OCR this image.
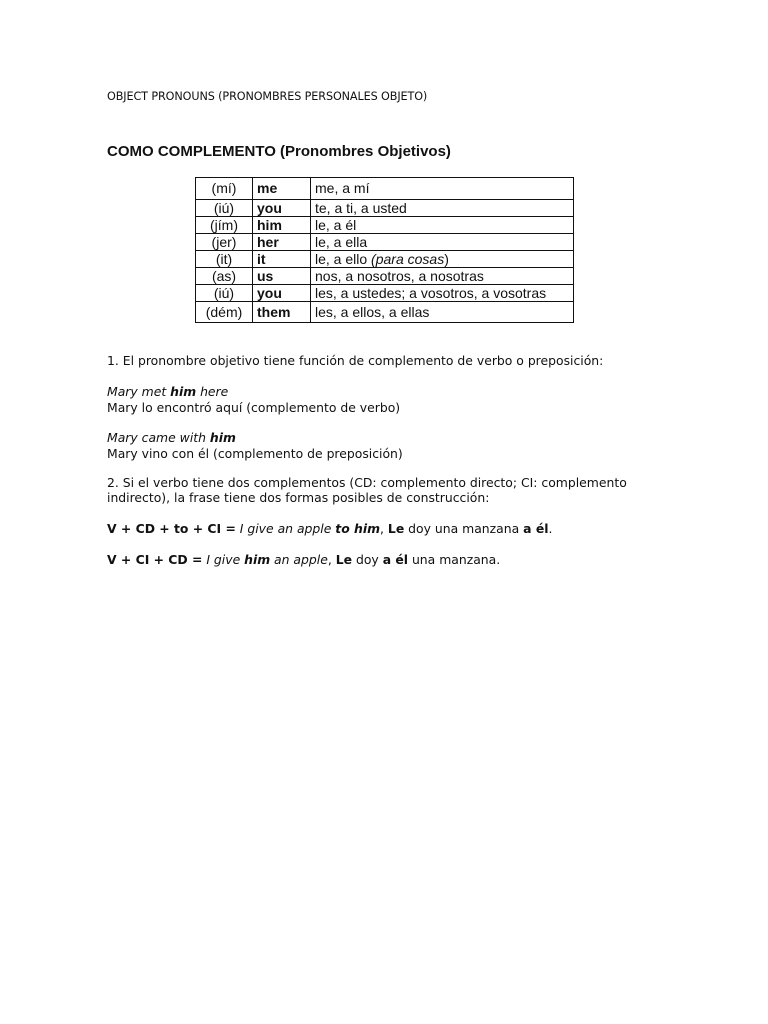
OBJECT PRONOUNS (PRONOMBRES PERSONALES OBJETO)
COMO COMPLEMENTO (Pronombres Objetivos)
(mí)	me	me, a mí
(iú)	you	te, a ti, a usted
(jím)	him	le, a él
(jer)	her	le, a ella
(it)	it	le, a ello (para cosas)
(as)	us	nos, a nosotros, a nosotras
(iú)	you	les, a ustedes; a vosotros, a vosotras
(dém)	them	les, a ellos, a ellas
1. El pronombre objetivo tiene función de complemento de verbo o preposición:
Mary met him here
Mary lo encontró aquí (complemento de verbo)
Mary came with him
Mary vino con él (complemento de preposición)
2. Si el verbo tiene dos complementos (CD: complemento directo; CI: complemento
indirecto), la frase tiene dos formas posibles de construcción:
V + CD + to + CI = I give an apple to him, Le doy una manzana a él.
V + CI + CD = I give him an apple, Le doy a él una manzana.
